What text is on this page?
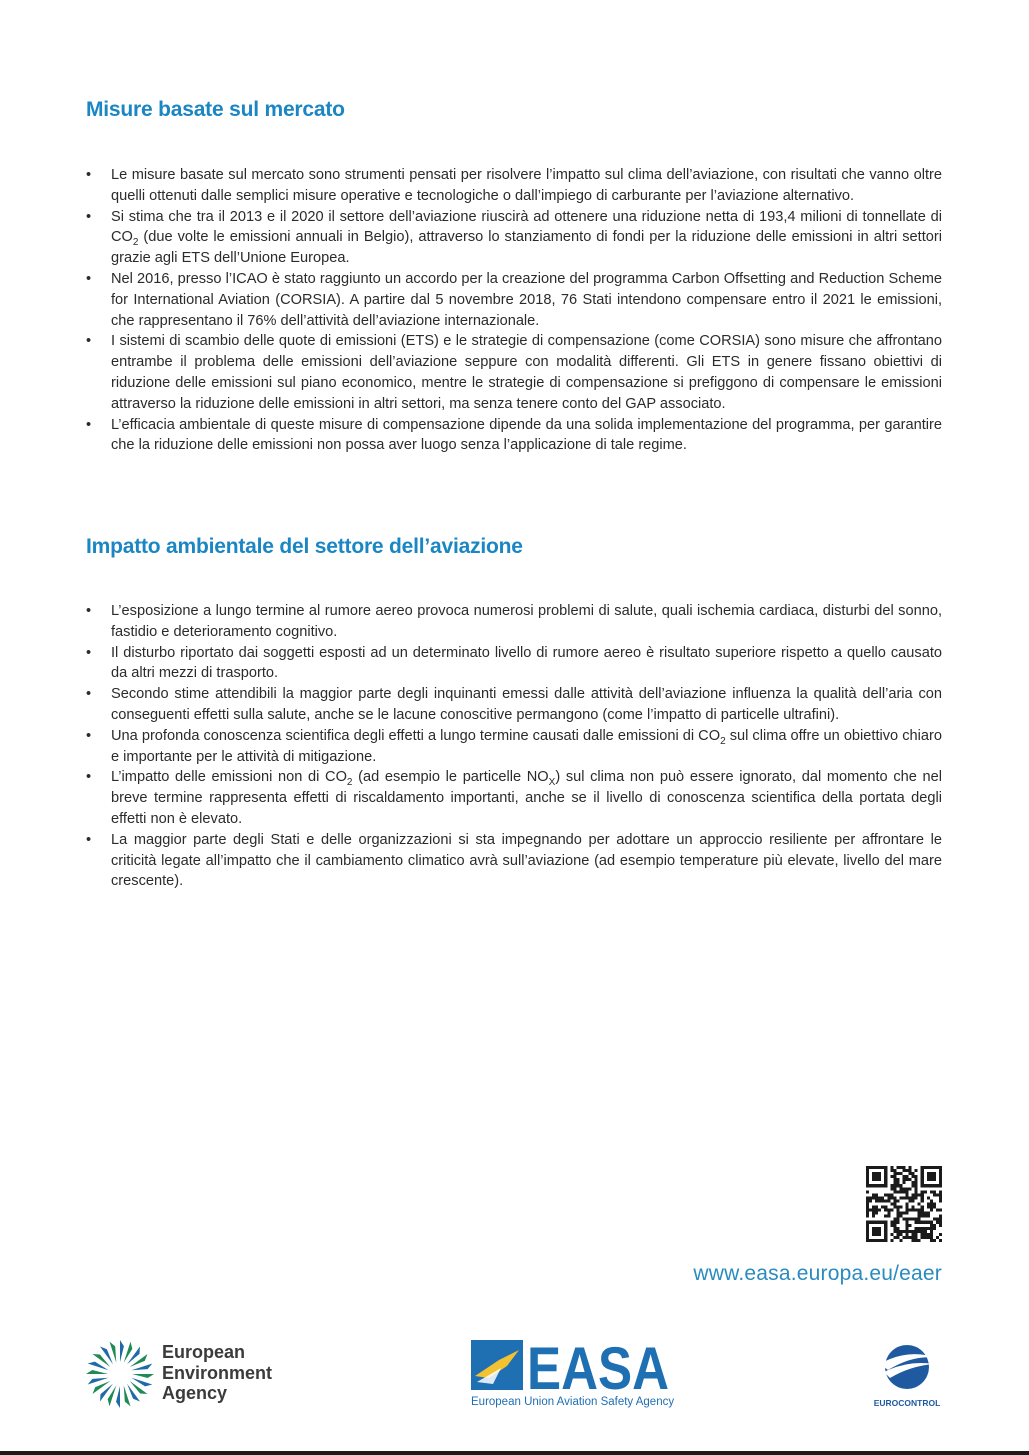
Misure basate sul mercato
• Le misure basate sul mercato sono strumenti pensati per risolvere l’impatto sul clima dell’aviazione, con risultati che vanno oltre quelli ottenuti dalle semplici misure operative e tecnologiche o dall’impiego di carburante per l’aviazione alternativo.
• Si stima che tra il 2013 e il 2020 il settore dell’aviazione riuscirà ad ottenere una riduzione netta di 193,4 milioni di tonnellate di $CO_2$ (due volte le emissioni annuali in Belgio), attraverso lo stanziamento di fondi per la riduzione delle emissioni in altri settori grazie agli ETS dell’Unione Europea.
• Nel 2016, presso l’ICAO è stato raggiunto un accordo per la creazione del programma Carbon Offsetting and Reduction Scheme for International Aviation (CORSIA). A partire dal 5 novembre 2018, 76 Stati intendono compensare entro il 2021 le emissioni, che rappresentano il 76% dell’attività dell’aviazione internazionale.
• I sistemi di scambio delle quote di emissioni (ETS) e le strategie di compensazione (come CORSIA) sono misure che affrontano entrambe il problema delle emissioni dell’aviazione seppure con modalità differenti. Gli ETS in genere fissano obiettivi di riduzione delle emissioni sul piano economico, mentre le strategie di compensazione si prefiggono di compensare le emissioni attraverso la riduzione delle emissioni in altri settori, ma senza tenere conto del GAP associato.
• L’efficacia ambientale di queste misure di compensazione dipende da una solida implementazione del programma, per garantire che la riduzione delle emissioni non possa aver luogo senza l’applicazione di tale regime.
Impatto ambientale del settore dell’aviazione
• L’esposizione a lungo termine al rumore aereo provoca numerosi problemi di salute, quali ischemia cardiaca, disturbi del sonno, fastidio e deterioramento cognitivo.
• Il disturbo riportato dai soggetti esposti ad un determinato livello di rumore aereo è risultato superiore rispetto a quello causato da altri mezzi di trasporto.
• Secondo stime attendibili la maggior parte degli inquinanti emessi dalle attività dell’aviazione influenza la qualità dell’aria con conseguenti effetti sulla salute, anche se le lacune conoscitive permangono (come l’impatto di particelle ultrafini).
• Una profonda conoscenza scientifica degli effetti a lungo termine causati dalle emissioni di $CO_2$ sul clima offre un obiettivo chiaro e importante per le attività di mitigazione.
• L’impatto delle emissioni non di $CO_2$ (ad esempio le particelle $NO_X$) sul clima non può essere ignorato, dal momento che nel breve termine rappresenta effetti di riscaldamento importanti, anche se il livello di conoscenza scientifica della portata degli effetti non è elevato.
• La maggior parte degli Stati e delle organizzazioni si sta impegnando per adottare un approccio resiliente per affrontare le criticità legate all’impatto che il cambiamento climatico avrà sull’aviazione (ad esempio temperature più elevate, livello del mare crescente).
www.easa.europa.eu/eaer
European
Environment
Agency	EASA
European Union Aviation Safety Agency	EUROCONTROL
